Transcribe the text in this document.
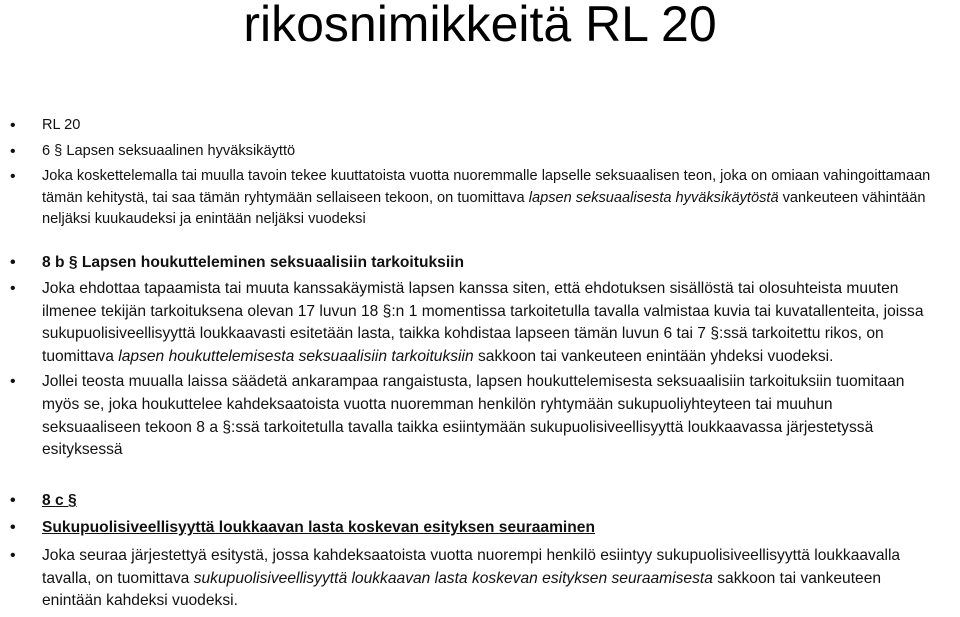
rikosnimikkeitä RL 20
• RL 20
• 6 § Lapsen seksuaalinen hyväksikäyttö
• Joka koskettelemalla tai muulla tavoin tekee kuuttatoista vuotta nuoremmalle lapselle seksuaalisen teon, joka on omiaan vahingoittamaan tämän kehitystä, tai saa tämän ryhtymään sellaiseen tekoon, on tuomittava lapsen seksuaalisesta hyväksikäytöstä vankeuteen vähintään neljäksi kuukaudeksi ja enintään neljäksi vuodeksi
• 8 b § Lapsen houkutteleminen seksuaalisiin tarkoituksiin
• Joka ehdottaa tapaamista tai muuta kanssakäymistä lapsen kanssa siten, että ehdotuksen sisällöstä tai olosuhteista muuten ilmenee tekijän tarkoituksena olevan 17 luvun 18 §:n 1 momentissa tarkoitetulla tavalla valmistaa kuvia tai kuvatallenteita, joissa sukupuolisiveellisyyttä loukkaavasti esitetään lasta, taikka kohdistaa lapseen tämän luvun 6 tai 7 §:ssä tarkoitettu rikos, on tuomittava lapsen houkuttelemisesta seksuaalisiin tarkoituksiin sakkoon tai vankeuteen enintään yhdeksi vuodeksi.
• Jollei teosta muualla laissa säädetä ankarampaa rangaistusta, lapsen houkuttelemisesta seksuaalisiin tarkoituksiin tuomitaan myös se, joka houkuttelee kahdeksaatoista vuotta nuoremman henkilön ryhtymään sukupuoliyhteyteen tai muuhun seksuaaliseen tekoon 8 a §:ssä tarkoitetulla tavalla taikka esiintymään sukupuolisiveellisyyttä loukkaavassa järjestetyssä esityksessä
• 8 c §
• Sukupuolisiveellisyyttä loukkaavan lasta koskevan esityksen seuraaminen
• Joka seuraa järjestettyä esitystä, jossa kahdeksaatoista vuotta nuorempi henkilö esiintyy sukupuolisiveellisyyttä loukkaavalla tavalla, on tuomittava sukupuolisiveellisyyttä loukkaavan lasta koskevan esityksen seuraamisesta sakkoon tai vankeuteen enintään kahdeksi vuodeksi.
